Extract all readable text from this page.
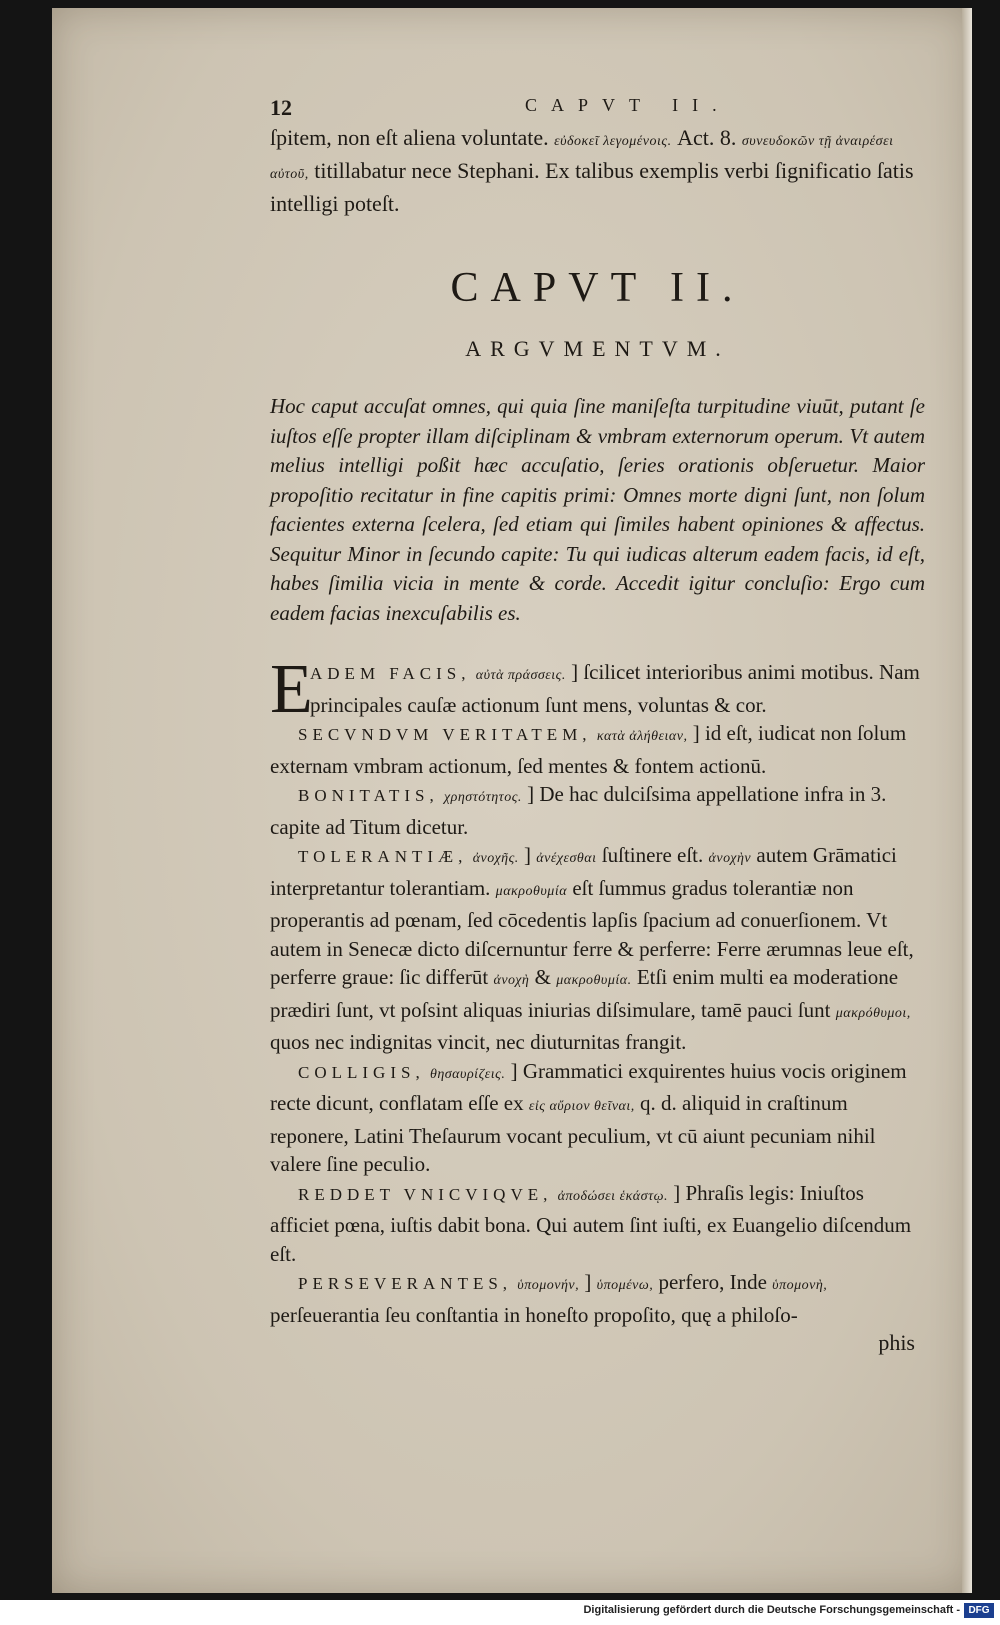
12	CAPVT II.

ſpitem, non eſt aliena voluntate. εὐδοκεῖ λεγομένοις. Act. 8. συνευδοκῶν τῇ ἀναιρέσει αὐτοῦ, titillabatur nece Stephani. Ex talibus exemplis verbi ſignificatio ſatis intelligi poteſt.

CAPVT II.
ARGVMENTVM.

Hoc caput accuſat omnes, qui quia ſine maniſeſta turpitudine viuūt, putant ſe iuſtos eſſe propter illam diſciplinam & vmbram externorum operum. Vt autem melius intelligi poßit hæc accuſatio, ſeries orationis obſeruetur. Maior propoſitio recitatur in fine capitis primi: Omnes morte digni ſunt, non ſolum facientes externa ſcelera, ſed etiam qui ſimiles habent opiniones & affectus. Sequitur Minor in ſecundo capite: Tu qui iudicas alterum eadem facis, id eſt, habes ſimilia vicia in mente & corde. Accedit igitur concluſio: Ergo cum eadem facias inexcuſabilis es.

E
ADEM FACIS, αὐτὰ πράσσεις. ] ſcilicet interioribus animi motibus. Nam principales cauſæ actionum ſunt mens, voluntas & cor.

SECVNDVM VERITATEM, κατὰ ἀλήθειαν, ] id eſt, iudicat non ſolum externam vmbram actionum, ſed mentes & fontem actionū.

BONITATIS, χρηστότητος. ] De hac dulciſsima appellatione infra in 3. capite ad Titum dicetur.

TOLERANTIÆ, ἀνοχῆς. ] ἀνέχεσθαι ſuſtinere eſt. ἀνοχὴν autem Grāmatici interpretantur tolerantiam. μακροθυμία eſt ſummus gradus tolerantiæ non properantis ad pœnam, ſed cōcedentis lapſis ſpacium ad conuerſionem. Vt autem in Senecæ dicto diſcernuntur ferre & perferre: Ferre ærumnas leue eſt, perferre graue: ſic differūt ἀνοχὴ & μακροθυμία. Etſi enim multi ea moderatione prædiri ſunt, vt poſsint aliquas iniurias diſsimulare, tamē pauci ſunt μακρόθυμοι, quos nec indignitas vincit, nec diuturnitas frangit.

COLLIGIS, θησαυρίζεις. ] Grammatici exquirentes huius vocis originem recte dicunt, conflatam eſſe ex εἰς αὔριον θεῖναι, q. d. aliquid in craſtinum reponere, Latini Theſaurum vocant peculium, vt cū aiunt pecuniam nihil valere ſine peculio.

REDDET VNICVIQVE, ἀποδώσει ἑκάστῳ. ] Phraſis legis: Iniuſtos afficiet pœna, iuſtis dabit bona. Qui autem ſint iuſti, ex Euangelio diſcendum eſt.

PERSEVERANTES, ὑπομονήν, ] ὑπομένω, perfero, Inde ὑπομονὴ, perſeuerantia ſeu conſtantia in honeſto propoſito, quę a philoſo-

phis
Digitalisierung gefördert durch die Deutsche Forschungsgemeinschaft - DFG
